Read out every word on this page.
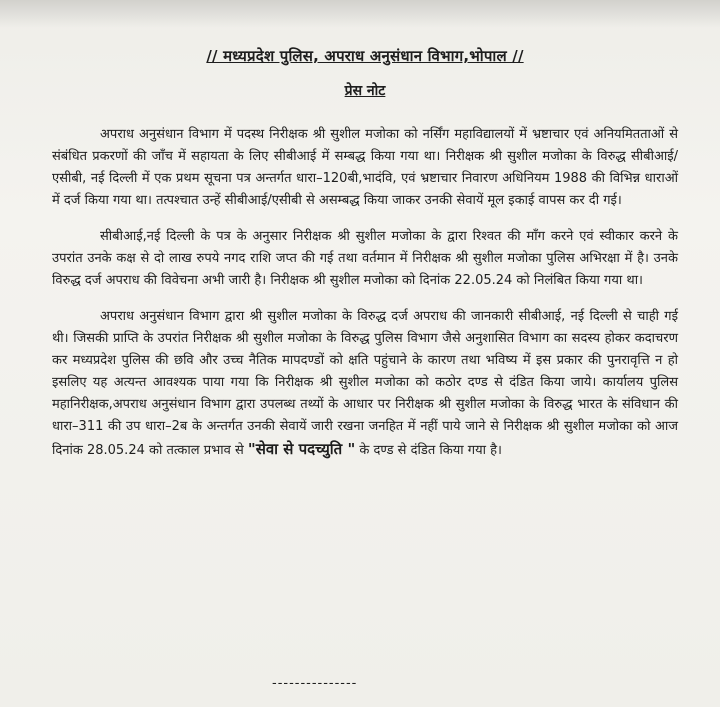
// मध्यप्रदेश पुलिस, अपराध अनुसंधान विभाग,भोपाल //
प्रेस नोट

अपराध अनुसंधान विभाग में पदस्थ निरीक्षक श्री सुशील मजोका को नर्सिंग महाविद्यालयों में भ्रष्टाचार एवं अनियमितताओं से संबंधित प्रकरणों की जाँच में सहायता के लिए सीबीआई में सम्बद्ध किया गया था। निरीक्षक श्री सुशील मजोका के विरुद्ध सीबीआई/एसीबी, नई दिल्ली में एक प्रथम सूचना पत्र अन्तर्गत धारा–120बी,भादंवि, एवं भ्रष्टाचार निवारण अधिनियम 1988 की विभिन्न धाराओं में दर्ज किया गया था। तत्पश्चात उन्हें सीबीआई/एसीबी से असम्बद्ध किया जाकर उनकी सेवायें मूल इकाई वापस कर दी गई।

सीबीआई,नई दिल्ली के पत्र के अनुसार निरीक्षक श्री सुशील मजोका के द्वारा रिश्वत की माँग करने एवं स्वीकार करने के उपरांत उनके कक्ष से दो लाख रुपये नगद राशि जप्त की गई तथा वर्तमान में निरीक्षक श्री सुशील मजोका पुलिस अभिरक्षा में है। उनके विरुद्ध दर्ज अपराध की विवेचना अभी जारी है। निरीक्षक श्री सुशील मजोका को दिनांक 22.05.24 को निलंबित किया गया था।

अपराध अनुसंधान विभाग द्वारा श्री सुशील मजोका के विरुद्ध दर्ज अपराध की जानकारी सीबीआई, नई दिल्ली से चाही गई थी। जिसकी प्राप्ति के उपरांत निरीक्षक श्री सुशील मजोका के विरुद्ध पुलिस विभाग जैसे अनुशासित विभाग का सदस्य होकर कदाचरण कर मध्यप्रदेश पुलिस की छवि और उच्च नैतिक मापदण्डों को क्षति पहुंचाने के कारण तथा भविष्य में इस प्रकार की पुनरावृत्ति न हो इसलिए यह अत्यन्त आवश्यक पाया गया कि निरीक्षक श्री सुशील मजोका को कठोर दण्ड से दंडित किया जाये। कार्यालय पुलिस महानिरीक्षक,अपराध अनुसंधान विभाग द्वारा उपलब्ध तथ्यों के आधार पर निरीक्षक श्री सुशील मजोका के विरुद्ध भारत के संविधान की धारा–311 की उप धारा–2ब के अन्तर्गत उनकी सेवायें जारी रखना जनहित में नहीं पाये जाने से निरीक्षक श्री सुशील मजोका को आज दिनांक 28.05.24 को तत्काल प्रभाव से "सेवा से पदच्युति " के दण्ड से दंडित किया गया है।

---------------
